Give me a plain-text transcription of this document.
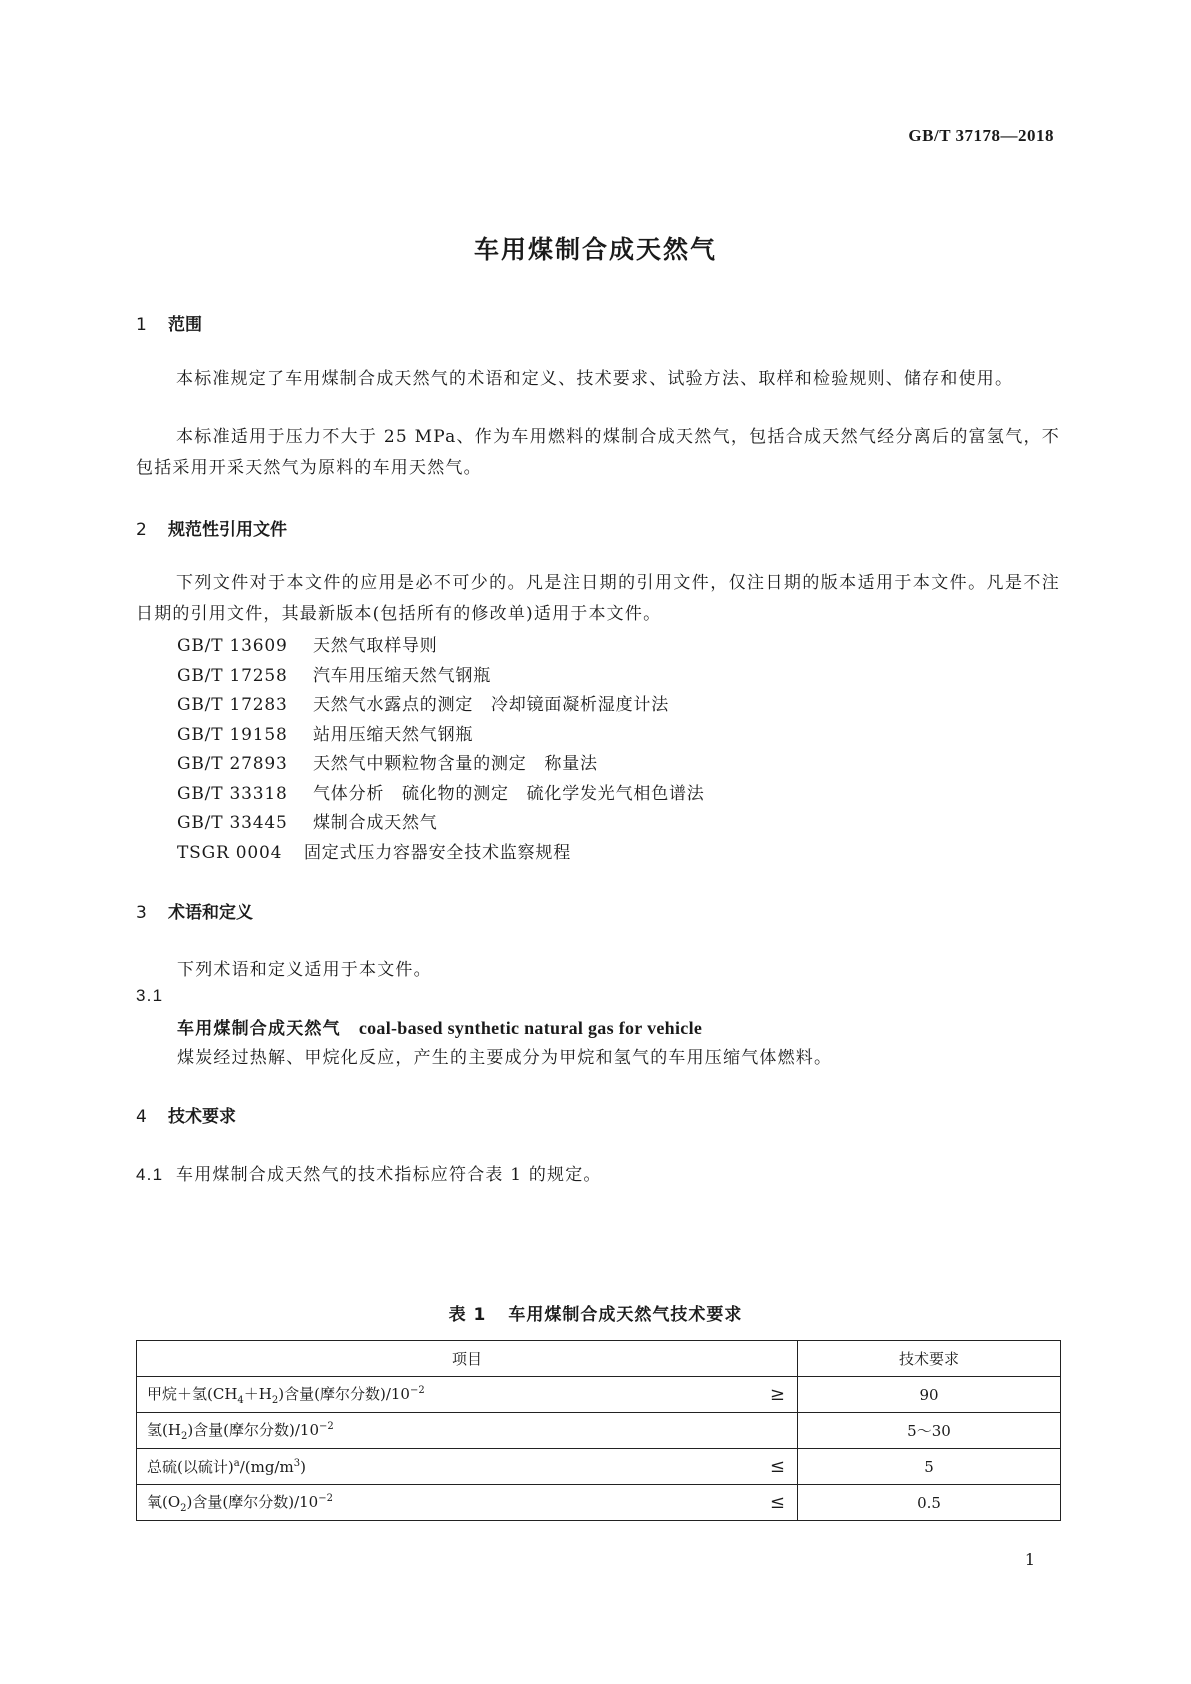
GB/T 37178—2018
车用煤制合成天然气
1 范围
本标准规定了车用煤制合成天然气的术语和定义、技术要求、试验方法、取样和检验规则、储存和使用。
本标准适用于压力不大于 25 MPa、作为车用燃料的煤制合成天然气，包括合成天然气经分离后的富氢气，不包括采用开采天然气为原料的车用天然气。
2 规范性引用文件
下列文件对于本文件的应用是必不可少的。凡是注日期的引用文件，仅注日期的版本适用于本文件。凡是不注日期的引用文件，其最新版本(包括所有的修改单)适用于本文件。
GB/T 13609 天然气取样导则
GB/T 17258 汽车用压缩天然气钢瓶
GB/T 17283 天然气水露点的测定　冷却镜面凝析湿度计法
GB/T 19158 站用压缩天然气钢瓶
GB/T 27893 天然气中颗粒物含量的测定　称量法
GB/T 33318 气体分析　硫化物的测定　硫化学发光气相色谱法
GB/T 33445 煤制合成天然气
TSGR 0004 固定式压力容器安全技术监察规程
3 术语和定义
下列术语和定义适用于本文件。
3.1
车用煤制合成天然气 coal-based synthetic natural gas for vehicle
煤炭经过热解、甲烷化反应，产生的主要成分为甲烷和氢气的车用压缩气体燃料。
4 技术要求
4.1 车用煤制合成天然气的技术指标应符合表 1 的规定。
表 1 车用煤制合成天然气技术要求
项目	技术要求

甲烷＋氢$(CH_4+H_2)$含量(摩尔分数)$/10^{-2}$ ≥	90

氢$(H_2)$含量(摩尔分数)$/10^{-2}$	5～30

总硫(以硫计)$^a/(mg/m^3)$ ≤	5

氧$(O_2)$含量(摩尔分数)$/10^{-2}$ ≤	0.5
1
